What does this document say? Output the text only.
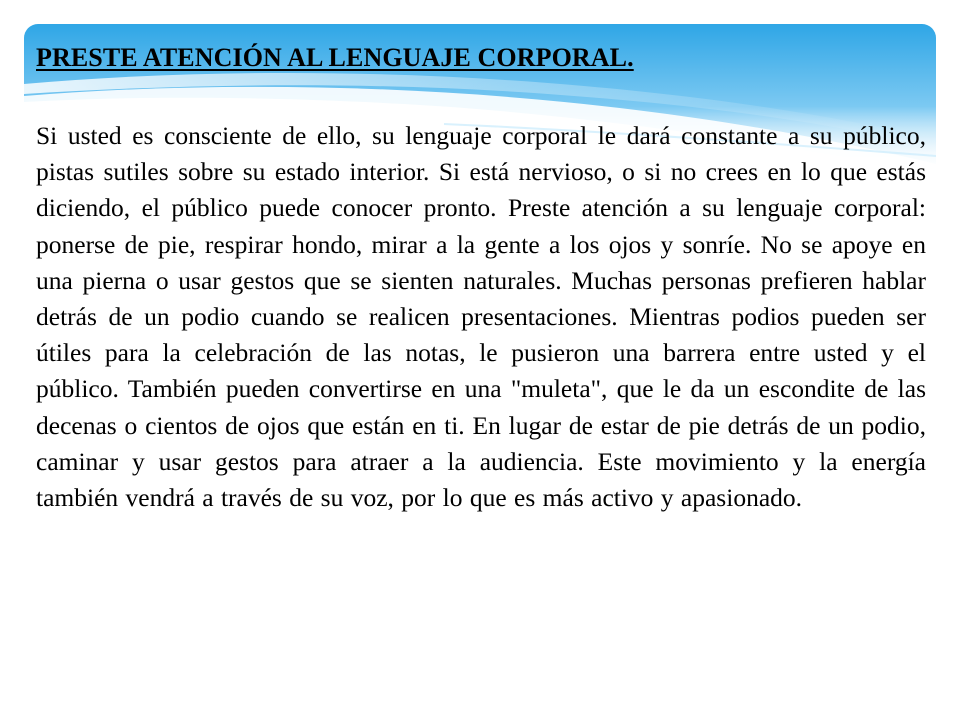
PRESTE ATENCIÓN AL LENGUAJE CORPORAL.

Si usted es consciente de ello, su lenguaje corporal le dará constante a su público, pistas sutiles sobre su estado interior. Si está nervioso, o si no crees en lo que estás diciendo, el público puede conocer pronto. Preste atención a su lenguaje corporal: ponerse de pie, respirar hondo, mirar a la gente a los ojos y sonríe. No se apoye en una pierna o usar gestos que se sienten naturales. Muchas personas prefieren hablar detrás de un podio cuando se realicen presentaciones. Mientras podios pueden ser útiles para la celebración de las notas, le pusieron una barrera entre usted y el público. También pueden convertirse en una "muleta", que le da un escondite de las decenas o cientos de ojos que están en ti. En lugar de estar de pie detrás de un podio, caminar y usar gestos para atraer a la audiencia. Este movimiento y la energía también vendrá a través de su voz, por lo que es más activo y apasionado.
